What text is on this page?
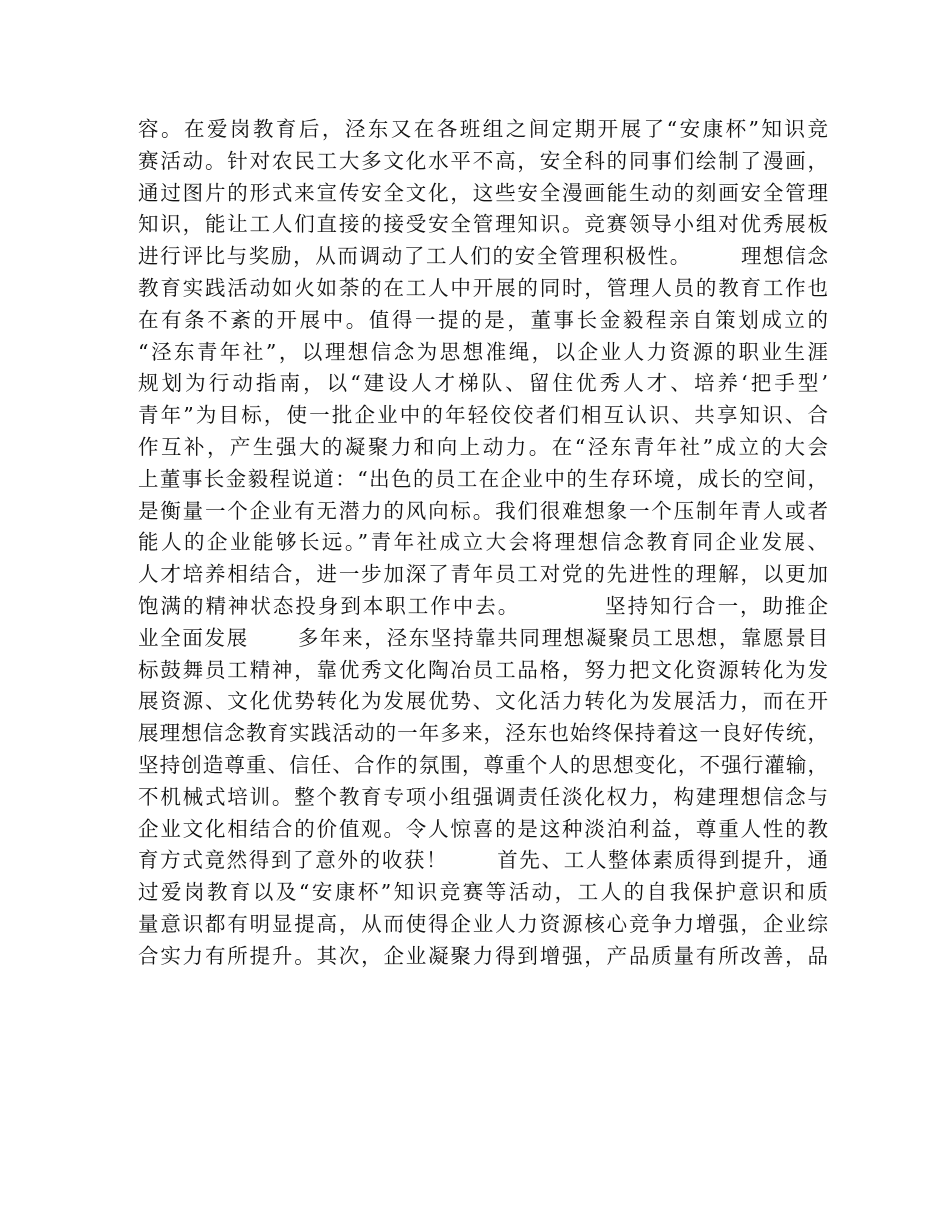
容。在爱岗教育后，泾东又在各班组之间定期开展了“安康杯”知识竞
赛活动。针对农民工大多文化水平不高，安全科的同事们绘制了漫画，
通过图片的形式来宣传安全文化，这些安全漫画能生动的刻画安全管理
知识，能让工人们直接的接受安全管理知识。竞赛领导小组对优秀展板
进行评比与奖励，从而调动了工人们的安全管理积极性。      理想信念
教育实践活动如火如荼的在工人中开展的同时，管理人员的教育工作也
在有条不紊的开展中。值得一提的是，董事长金毅程亲自策划成立的
“泾东青年社”，以理想信念为思想准绳，以企业人力资源的职业生涯
规划为行动指南，以“建设人才梯队、留住优秀人才、培养‘把手型’
青年”为目标，使一批企业中的年轻佼佼者们相互认识、共享知识、合
作互补，产生强大的凝聚力和向上动力。在“泾东青年社”成立的大会
上董事长金毅程说道：“出色的员工在企业中的生存环境，成长的空间，
是衡量一个企业有无潜力的风向标。我们很难想象一个压制年青人或者
能人的企业能够长远。”青年社成立大会将理想信念教育同企业发展、
人才培养相结合，进一步加深了青年员工对党的先进性的理解，以更加
饱满的精神状态投身到本职工作中去。          坚持知行合一，助推企
业全面发展      多年来，泾东坚持靠共同理想凝聚员工思想，靠愿景目
标鼓舞员工精神，靠优秀文化陶冶员工品格，努力把文化资源转化为发
展资源、文化优势转化为发展优势、文化活力转化为发展活力，而在开
展理想信念教育实践活动的一年多来，泾东也始终保持着这一良好传统，
坚持创造尊重、信任、合作的氛围，尊重个人的思想变化，不强行灌输，
不机械式培训。整个教育专项小组强调责任淡化权力，构建理想信念与
企业文化相结合的价值观。令人惊喜的是这种淡泊利益，尊重人性的教
育方式竟然得到了意外的收获！      首先、工人整体素质得到提升，通
过爱岗教育以及“安康杯”知识竞赛等活动，工人的自我保护意识和质
量意识都有明显提高，从而使得企业人力资源核心竞争力增强，企业综
合实力有所提升。其次，企业凝聚力得到增强，产品质量有所改善，品
